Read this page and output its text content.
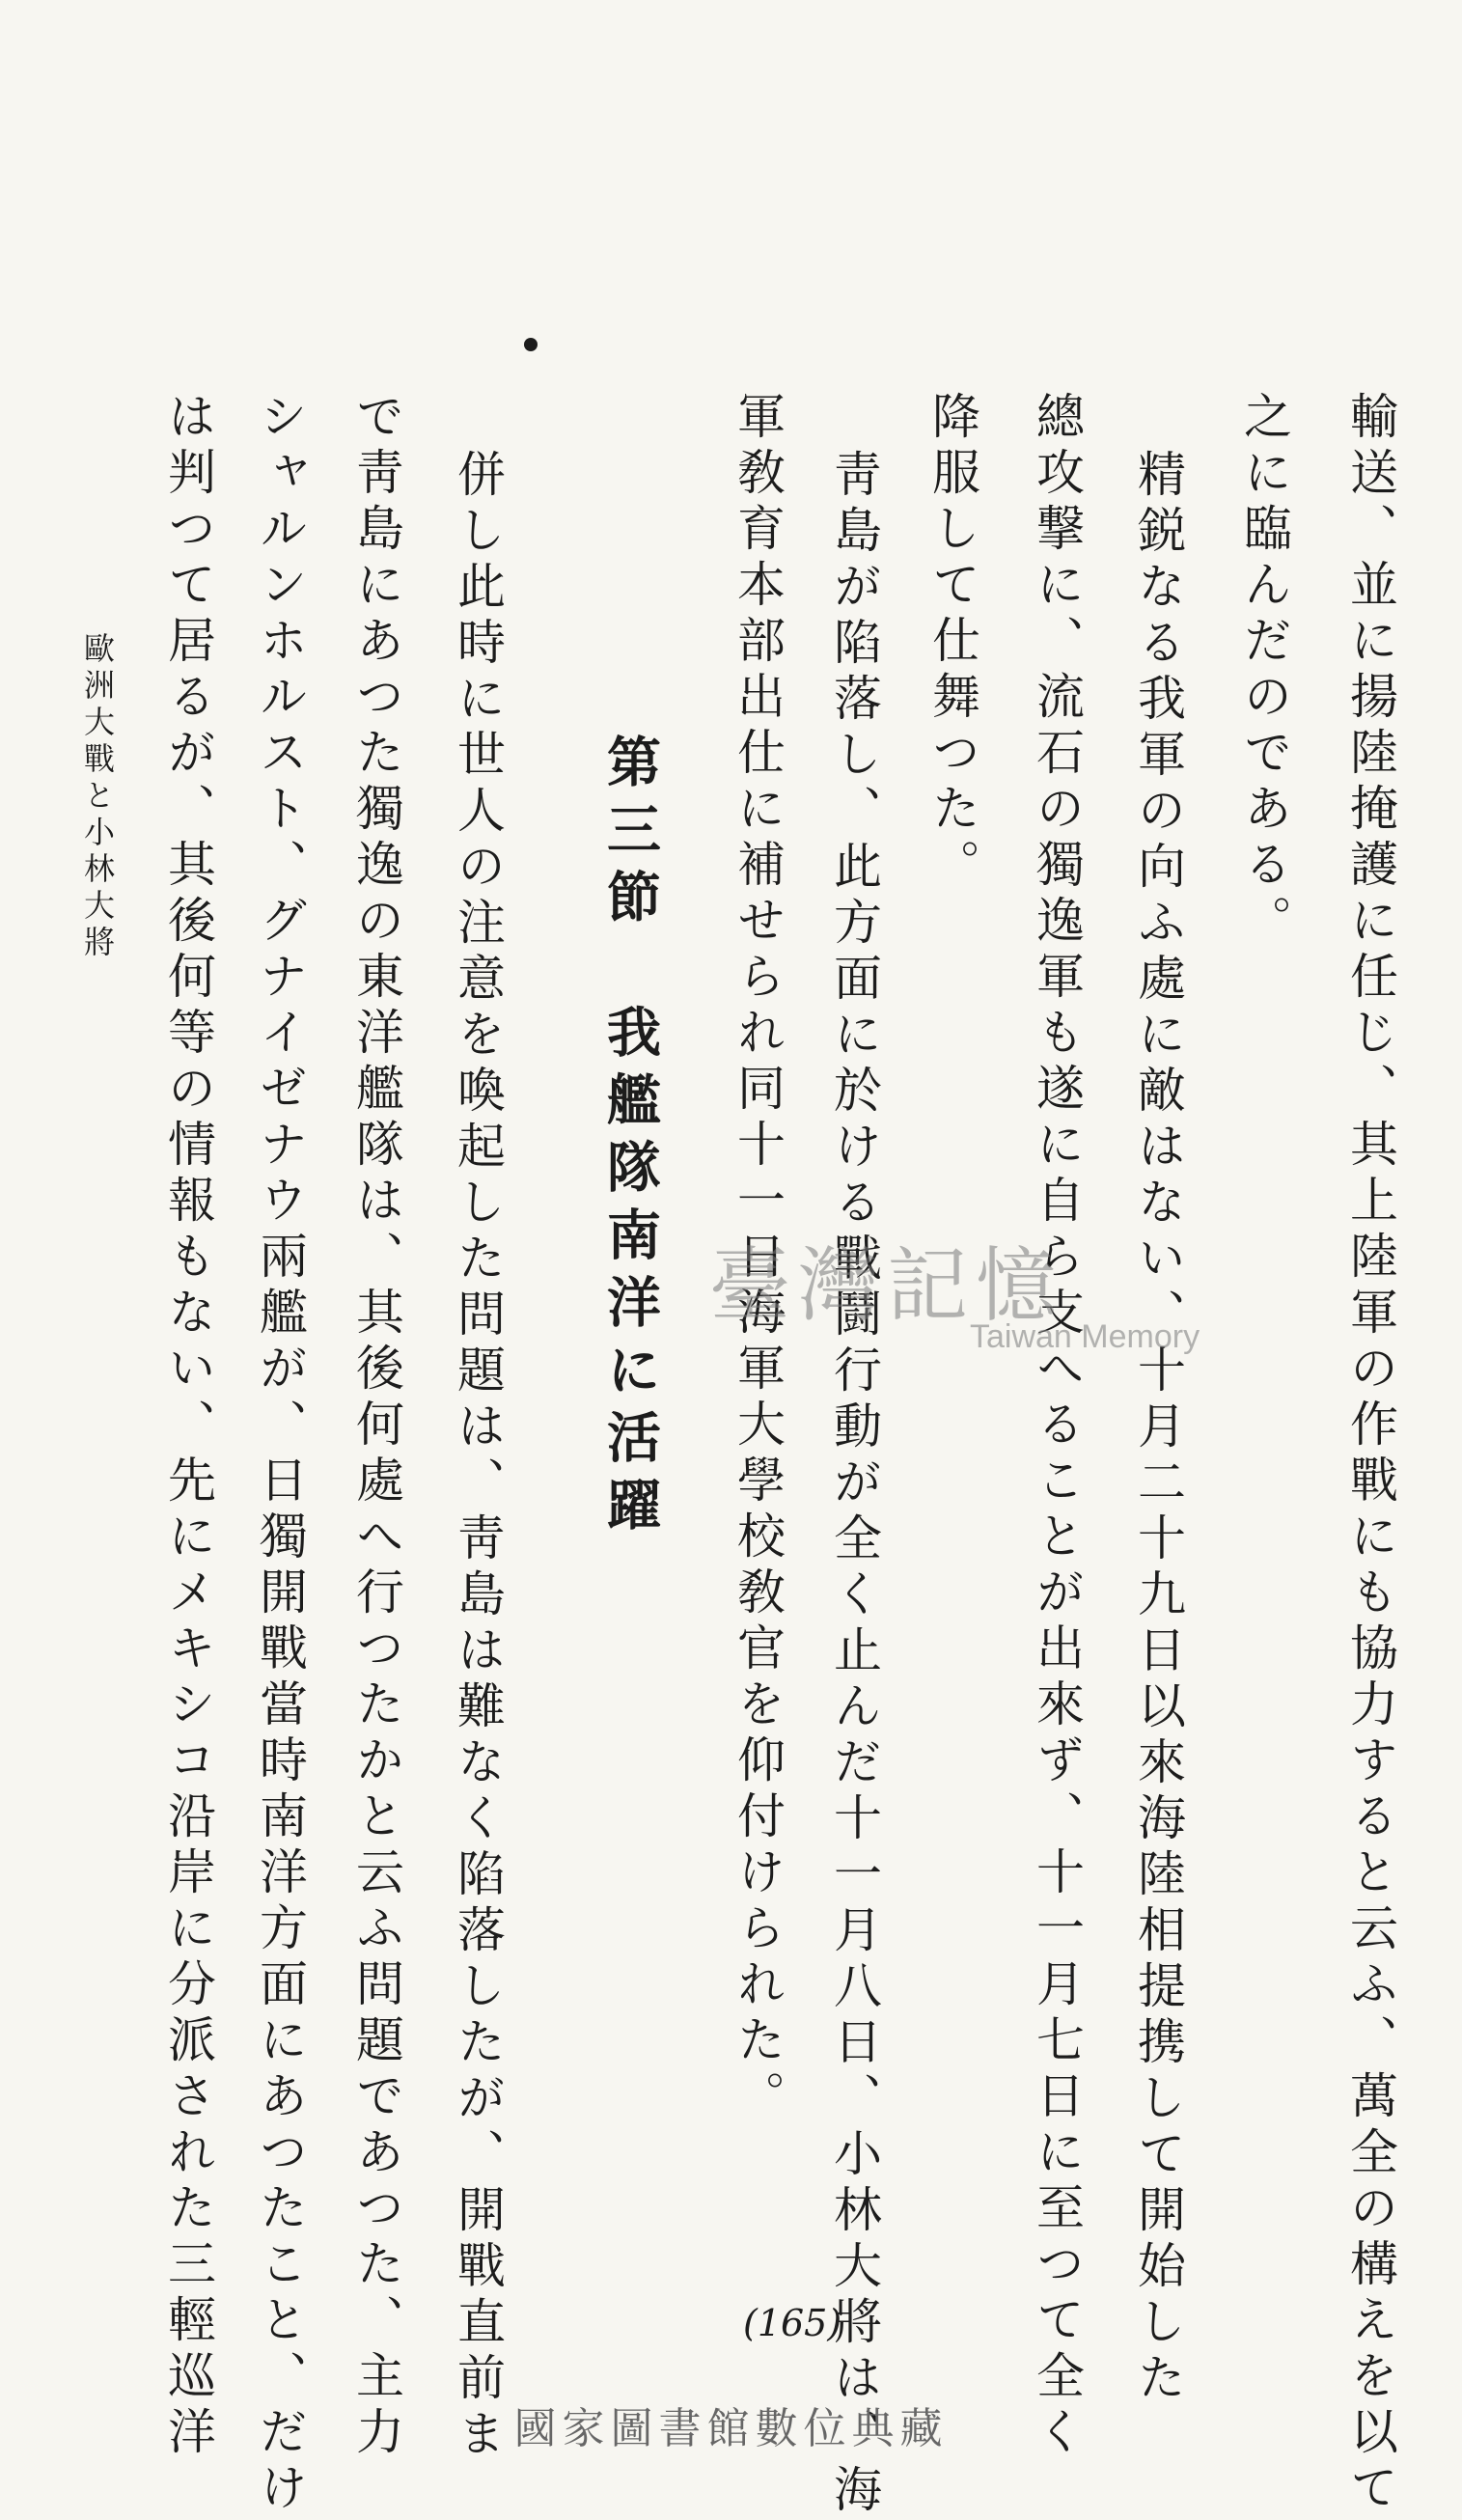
輸送、並に揚陸掩護に任じ、其上陸軍の作戰にも協力すると云ふ、萬全の構えを以て
之に臨んだのである。
精鋭なる我軍の向ふ處に敵はない、十月二十九日以來海陸相提携して開始した
總攻撃に、流石の獨逸軍も遂に自ら支へることが出來ず、十一月七日に至つて全く
降服して仕舞つた。
靑島が陷落し、此方面に於ける戰鬪行動が全く止んだ十一月八日、小林大將は、海
軍敎育本部出仕に補せられ同十一日海軍大學校敎官を仰付けられた。
第三節　我艦隊南洋に活躍
併し此時に世人の注意を喚起した問題は、靑島は難なく陷落したが、開戰直前ま
で靑島にあつた獨逸の東洋艦隊は、其後何處へ行つたかと云ふ問題であつた、主力
シャルンホルスト、グナイゼナウ兩艦が、日獨開戰當時南洋方面にあつたこと、だけ
は判つて居るが、其後何等の情報もない、先にメキシコ沿岸に分派された三輕巡洋
歐洲大戰と小林大將
(165)
臺灣記憶
Taiwan Memory
國家圖書館數位典藏
